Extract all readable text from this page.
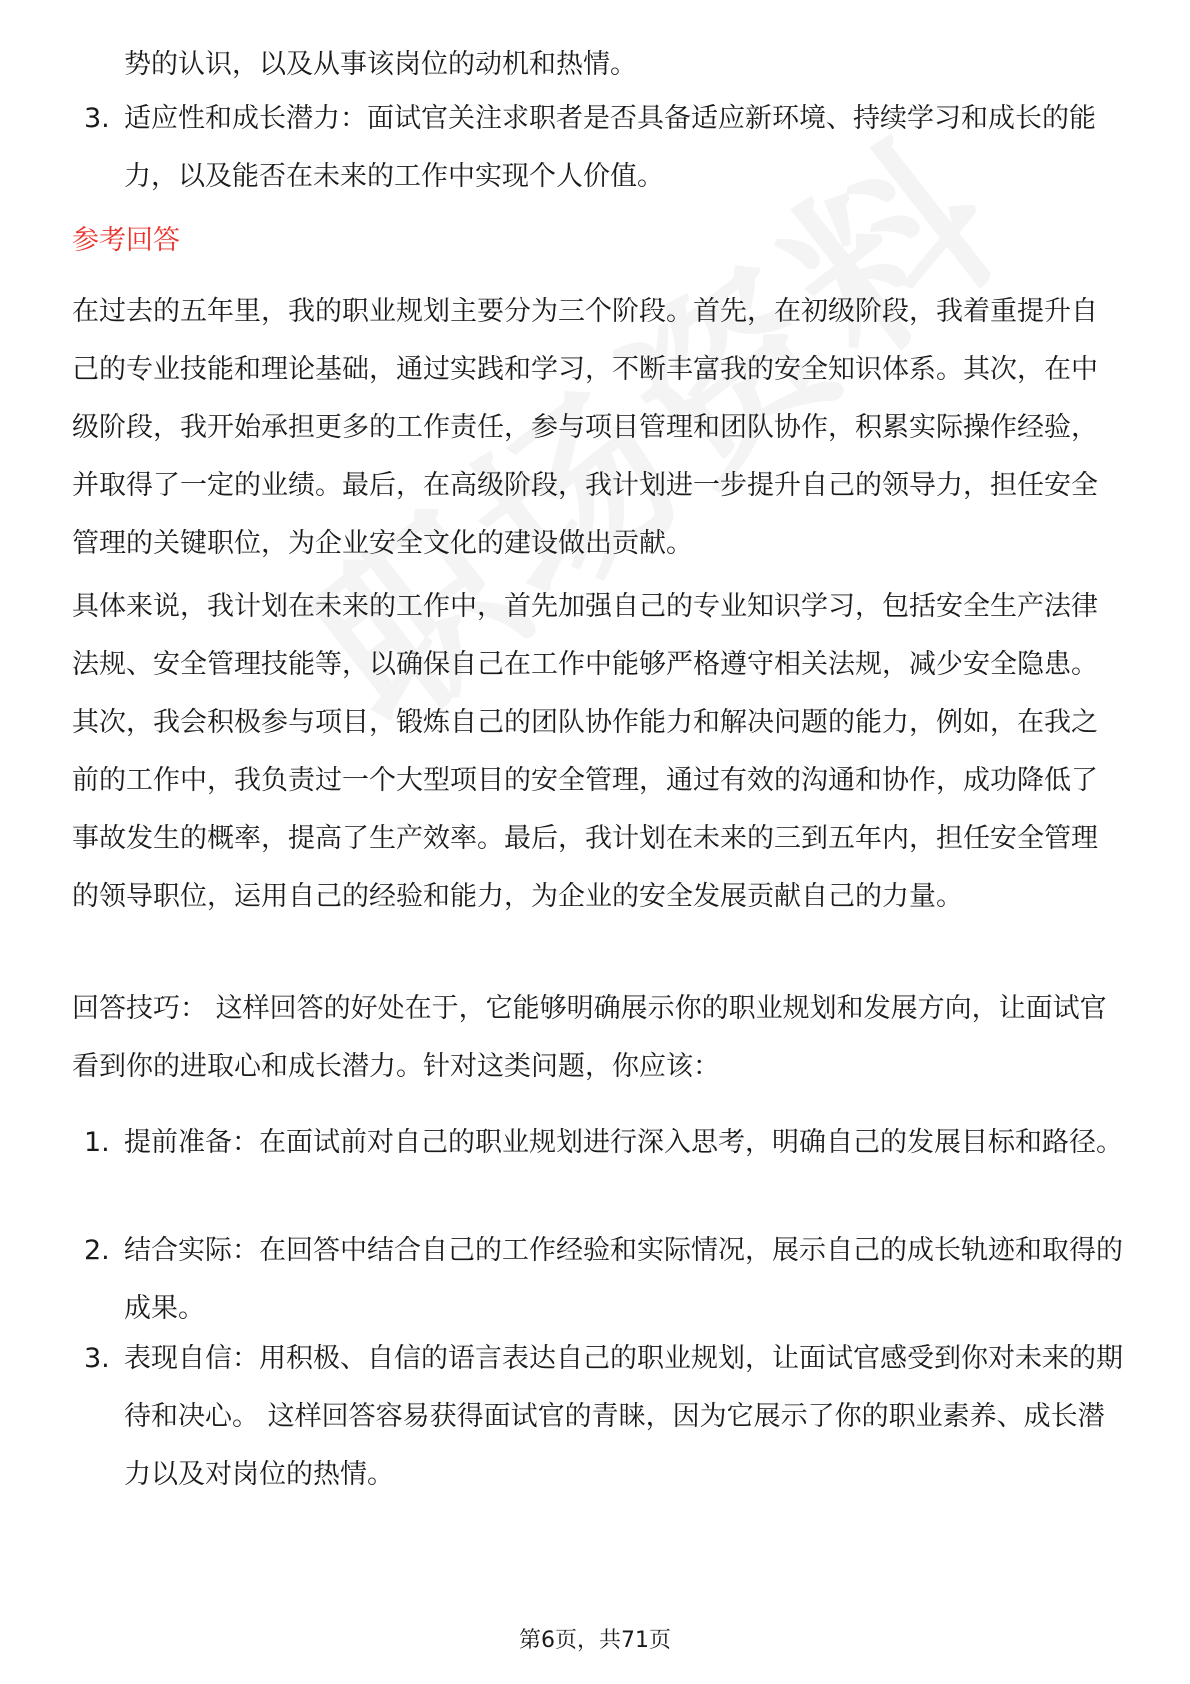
势的认识，以及从事该岗位的动机和热情。
3. 适应性和成长潜力：面试官关注求职者是否具备适应新环境、持续学习和成长的能力，以及能否在未来的工作中实现个人价值。

参考回答

在过去的五年里，我的职业规划主要分为三个阶段。首先，在初级阶段，我着重提升自己的专业技能和理论基础，通过实践和学习，不断丰富我的安全知识体系。其次，在中级阶段，我开始承担更多的工作责任，参与项目管理和团队协作，积累实际操作经验，并取得了一定的业绩。最后，在高级阶段，我计划进一步提升自己的领导力，担任安全管理的关键职位，为企业安全文化的建设做出贡献。

具体来说，我计划在未来的工作中，首先加强自己的专业知识学习，包括安全生产法律法规、安全管理技能等，以确保自己在工作中能够严格遵守相关法规，减少安全隐患。其次，我会积极参与项目，锻炼自己的团队协作能力和解决问题的能力，例如，在我之前的工作中，我负责过一个大型项目的安全管理，通过有效的沟通和协作，成功降低了事故发生的概率，提高了生产效率。最后，我计划在未来的三到五年内，担任安全管理的领导职位，运用自己的经验和能力，为企业的安全发展贡献自己的力量。

回答技巧： 这样回答的好处在于，它能够明确展示你的职业规划和发展方向，让面试官看到你的进取心和成长潜力。针对这类问题，你应该：

1. 提前准备：在面试前对自己的职业规划进行深入思考，明确自己的发展目标和路径。

2. 结合实际：在回答中结合自己的工作经验和实际情况，展示自己的成长轨迹和取得的成果。

3. 表现自信：用积极、自信的语言表达自己的职业规划，让面试官感受到你对未来的期待和决心。 这样回答容易获得面试官的青睐，因为它展示了你的职业素养、成长潜力以及对岗位的热情。

第6页，共71页
